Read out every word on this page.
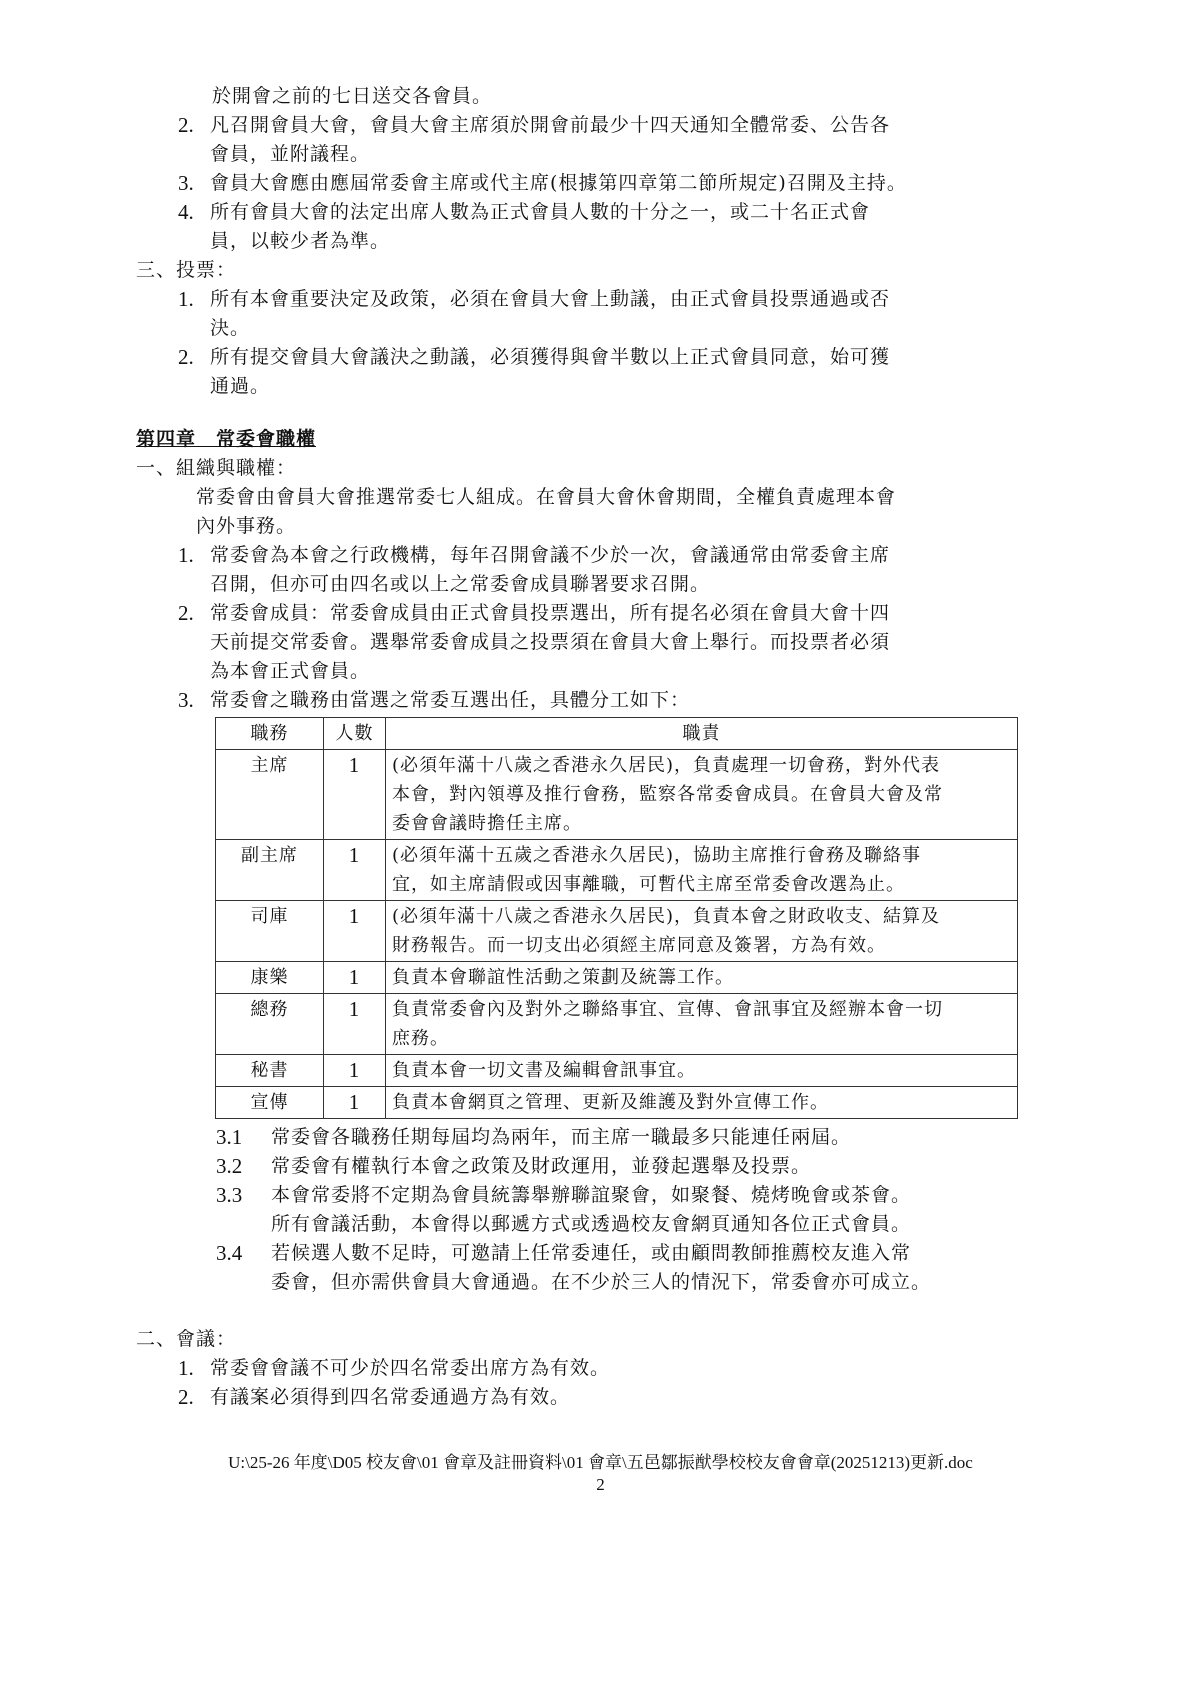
於開會之前的七日送交各會員。
2. 凡召開會員大會，會員大會主席須於開會前最少十四天通知全體常委、公告各
會員，並附議程。
3. 會員大會應由應屆常委會主席或代主席(根據第四章第二節所規定)召開及主持。
4. 所有會員大會的法定出席人數為正式會員人數的十分之一，或二十名正式會
員，以較少者為準。
三、投票：
1. 所有本會重要決定及政策，必須在會員大會上動議，由正式會員投票通過或否
決。
2. 所有提交會員大會議決之動議，必須獲得與會半數以上正式會員同意，始可獲
通過。
第四章　常委會職權
一、組織與職權：
常委會由會員大會推選常委七人組成。在會員大會休會期間，全權負責處理本會
內外事務。
1. 常委會為本會之行政機構，每年召開會議不少於一次，會議通常由常委會主席
召開，但亦可由四名或以上之常委會成員聯署要求召開。
2. 常委會成員：常委會成員由正式會員投票選出，所有提名必須在會員大會十四
天前提交常委會。選舉常委會成員之投票須在會員大會上舉行。而投票者必須
為本會正式會員。
3. 常委會之職務由當選之常委互選出任，具體分工如下：
職務	人數	職責
主席	1	(必須年滿十八歲之香港永久居民)，負責處理一切會務，對外代表
本會，對內領導及推行會務，監察各常委會成員。在會員大會及常
委會會議時擔任主席。

副主席	1	(必須年滿十五歲之香港永久居民)，協助主席推行會務及聯絡事
宜，如主席請假或因事離職，可暫代主席至常委會改選為止。

司庫	1	(必須年滿十八歲之香港永久居民)，負責本會之財政收支、結算及
財務報告。而一切支出必須經主席同意及簽署，方為有效。

康樂	1	負責本會聯誼性活動之策劃及統籌工作。

總務	1	負責常委會內及對外之聯絡事宜、宣傳、會訊事宜及經辦本會一切
庶務。

秘書	1	負責本會一切文書及編輯會訊事宜。

宣傳	1	負責本會網頁之管理、更新及維護及對外宣傳工作。
3.1	常委會各職務任期每屆均為兩年，而主席一職最多只能連任兩屆。
3.2	常委會有權執行本會之政策及財政運用，並發起選舉及投票。
3.3	本會常委將不定期為會員統籌舉辦聯誼聚會，如聚餐、燒烤晚會或茶會。
所有會議活動，本會得以郵遞方式或透過校友會網頁通知各位正式會員。
3.4	若候選人數不足時，可邀請上任常委連任，或由顧問教師推薦校友進入常
委會，但亦需供會員大會通過。在不少於三人的情況下，常委會亦可成立。
二、會議：
1. 常委會會議不可少於四名常委出席方為有效。
2. 有議案必須得到四名常委通過方為有效。
U:\25-26 年度\D05 校友會\01 會章及註冊資料\01 會章\五邑鄒振猷學校校友會會章(20251213)更新.doc
2
